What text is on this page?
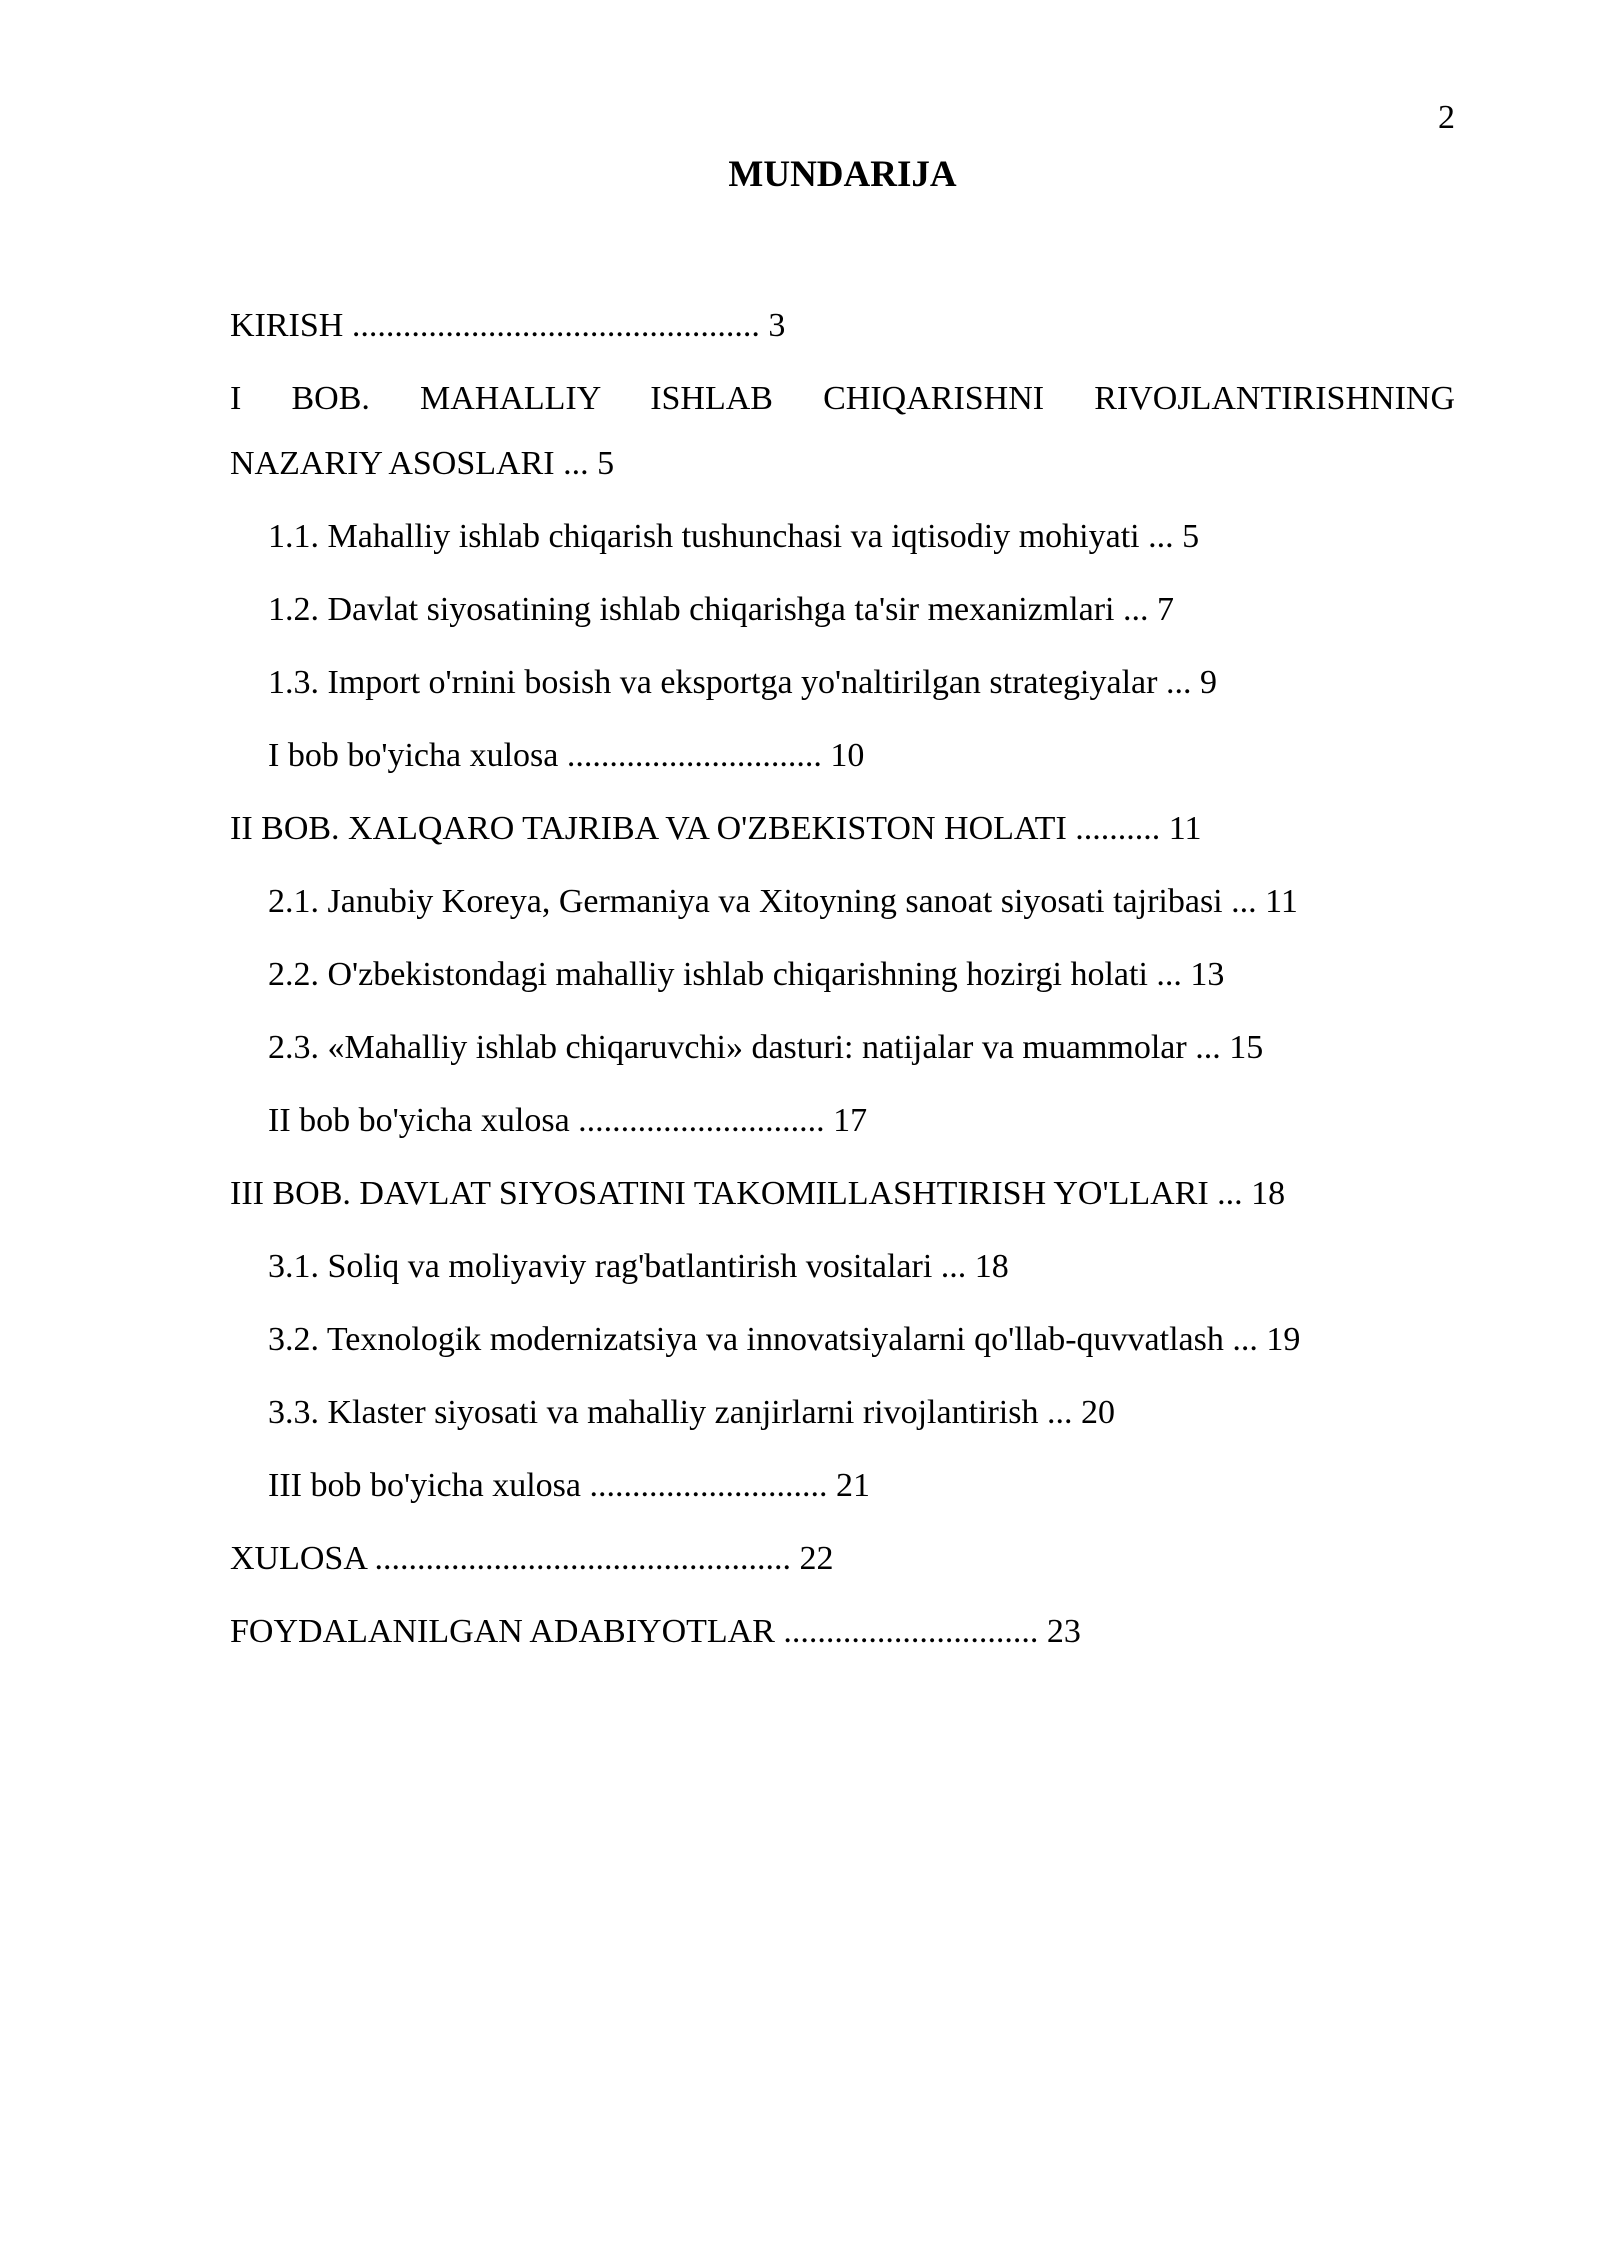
2
MUNDARIJA
KIRISH ................................................ 3
I BOB. MAHALLIY ISHLAB CHIQARISHNI RIVOJLANTIRISHNING
NAZARIY ASOSLARI ... 5
1.1. Mahalliy ishlab chiqarish tushunchasi va iqtisodiy mohiyati ... 5
1.2. Davlat siyosatining ishlab chiqarishga ta'sir mexanizmlari ... 7
1.3. Import o'rnini bosish va eksportga yo'naltirilgan strategiyalar ... 9
I bob bo'yicha xulosa .............................. 10
II BOB. XALQARO TAJRIBA VA O'ZBEKISTON HOLATI .......... 11
2.1. Janubiy Koreya, Germaniya va Xitoyning sanoat siyosati tajribasi ... 11
2.2. O'zbekistondagi mahalliy ishlab chiqarishning hozirgi holati ... 13
2.3. «Mahalliy ishlab chiqaruvchi» dasturi: natijalar va muammolar ... 15
II bob bo'yicha xulosa ............................. 17
III BOB. DAVLAT SIYOSATINI TAKOMILLASHTIRISH YO'LLARI ... 18
3.1. Soliq va moliyaviy rag'batlantirish vositalari ... 18
3.2. Texnologik modernizatsiya va innovatsiyalarni qo'llab-quvvatlash ... 19
3.3. Klaster siyosati va mahalliy zanjirlarni rivojlantirish ... 20
III bob bo'yicha xulosa ............................ 21
XULOSA ................................................. 22
FOYDALANILGAN ADABIYOTLAR .............................. 23
